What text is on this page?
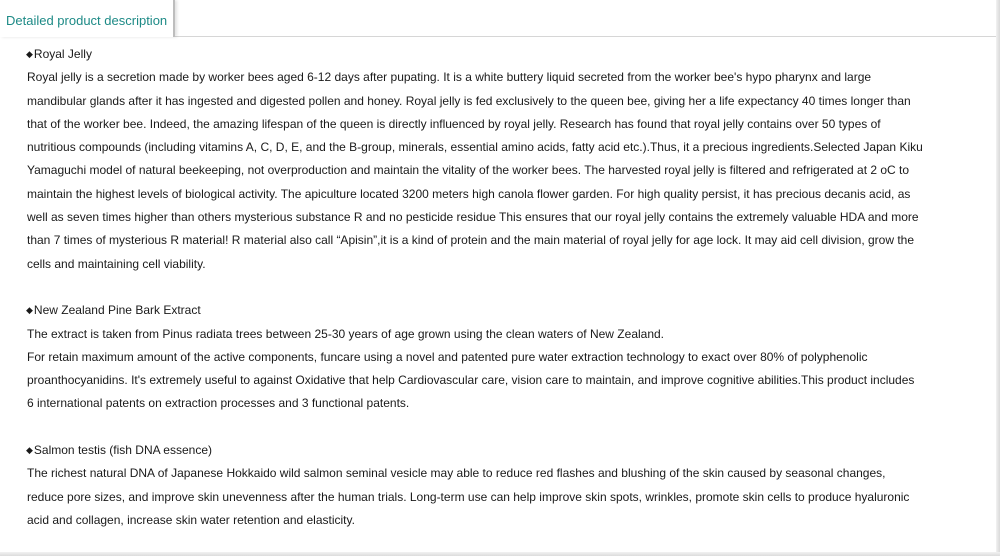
Detailed product description

◆Royal Jelly

Royal jelly is a secretion made by worker bees aged 6-12 days after pupating. It is a white buttery liquid secreted from the worker bee's hypo pharynx and large
mandibular glands after it has ingested and digested pollen and honey. Royal jelly is fed exclusively to the queen bee, giving her a life expectancy 40 times longer than
that of the worker bee. Indeed, the amazing lifespan of the queen is directly influenced by royal jelly. Research has found that royal jelly contains over 50 types of
nutritious compounds (including vitamins A, C, D, E, and the B-group, minerals, essential amino acids, fatty acid etc.).Thus, it a precious ingredients.Selected Japan Kiku
Yamaguchi model of natural beekeeping, not overproduction and maintain the vitality of the worker bees. The harvested royal jelly is filtered and refrigerated at 2 oC to
maintain the highest levels of biological activity. The apiculture located 3200 meters high canola flower garden. For high quality persist, it has precious decanis acid, as
well as seven times higher than others mysterious substance R and no pesticide residue This ensures that our royal jelly contains the extremely valuable HDA and more
than 7 times of mysterious R material! R material also call “Apisin”,it is a kind of protein and the main material of royal jelly for age lock. It may aid cell division, grow the
cells and maintaining cell viability.

◆New Zealand Pine Bark Extract

The extract is taken from Pinus radiata trees between 25-30 years of age grown using the clean waters of New Zealand.

For retain maximum amount of the active components, funcare using a novel and patented pure water extraction technology to exact over 80% of polyphenolic
proanthocyanidins. It's extremely useful to against Oxidative that help Cardiovascular care, vision care to maintain, and improve cognitive abilities.This product includes
6 international patents on extraction processes and 3 functional patents.

◆Salmon testis (fish DNA essence)

The richest natural DNA of Japanese Hokkaido wild salmon seminal vesicle may able to reduce red flashes and blushing of the skin caused by seasonal changes,
reduce pore sizes, and improve skin unevenness after the human trials. Long-term use can help improve skin spots, wrinkles, promote skin cells to produce hyaluronic
acid and collagen, increase skin water retention and elasticity.
